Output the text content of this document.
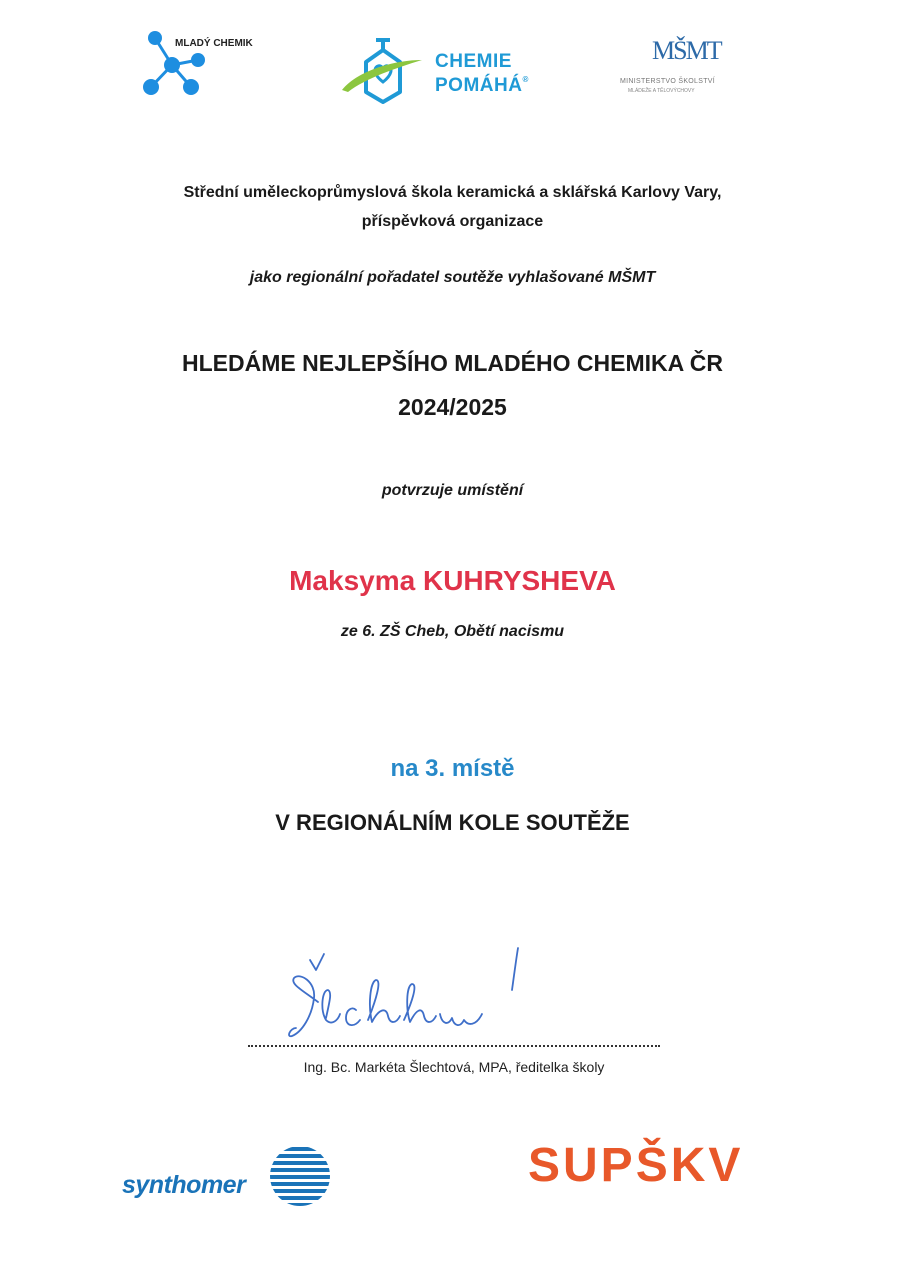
MLADÝ CHEMIK
CHEMIE
POMÁHÁ®
MŠMT
MINISTERSTVO ŠKOLSTVÍ
MLÁDEŽE A TĚLOVÝCHOVY
Střední uměleckoprůmyslová škola keramická a sklářská Karlovy Vary,
příspěvková organizace
jako regionální pořadatel soutěže vyhlašované MŠMT
HLEDÁME NEJLEPŠÍHO MLADÉHO CHEMIKA ČR
2024/2025
potvrzuje umístění
Maksyma KUHRYSHEVA
ze 6. ZŠ Cheb, Obětí nacismu
na 3. místě
V REGIONÁLNÍM KOLE SOUTĚŽE
Ing. Bc. Markéta Šlechtová, MPA, ředitelka školy
synthomer	SUPŠKV
